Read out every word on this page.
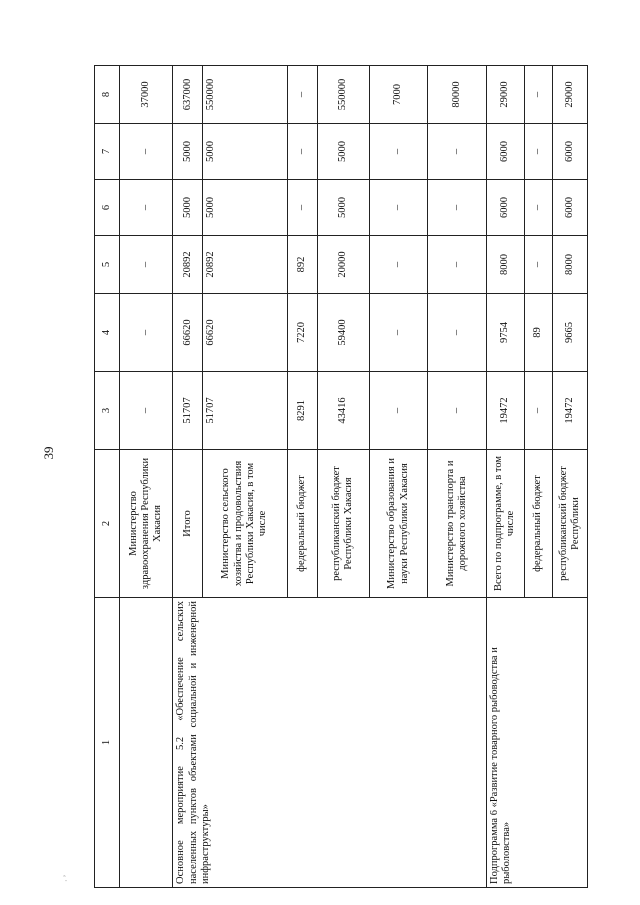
39
· ’
1	2	3	4	5	6	7	8
	Министерство здравоохранения Республики Хакасия	–	–	–	–	–	37000
Основное мероприятие 5.2 «Обеспечение сельских населенных пунктов объектами социальной и инженерной инфраструктуры»	Итого	51707	66620	20892	5000	5000	637000
	Министерство сельского хозяйства и продовольствия Республики Хакасия, в том числе	51707	66620	20892	5000	5000	550000
	федеральный бюджет	8291	7220	892	–	–	–
	республиканский бюджет Республики Хакасия	43416	59400	20000	5000	5000	550000
	Министерство образования и науки Республики Хакасия	–	–	–	–	–	7000
	Министерство транспорта и дорожного хозяйства	–	–	–	–	–	80000
Подпрограмма 6 «Развитие товарного рыбоводства и рыболовства»	Всего по подпрограмме, в том числе	19472	9754	8000	6000	6000	29000
	федеральный бюджет	–	89	–	–	–	–
	республиканский бюджет Республики	19472	9665	8000	6000	6000	29000
